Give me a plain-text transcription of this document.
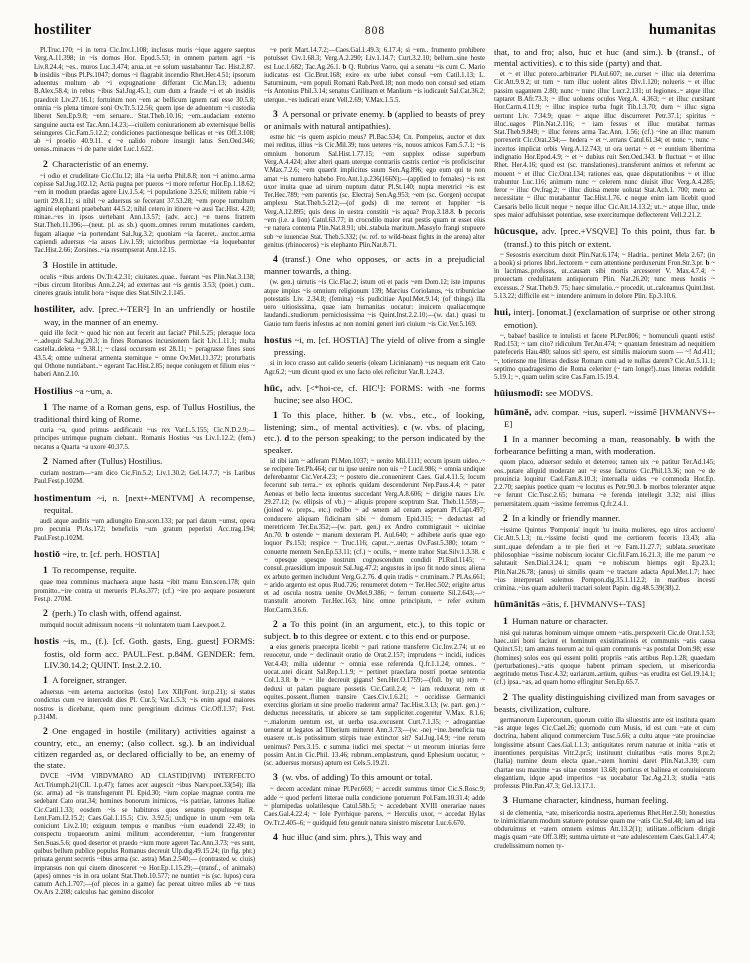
hostiliter	808	humanitas
Pl.Truc.170; ~i in terra Cic.Inv.1.108; inclusus muris ~ique aggere saeptus Verg.A.11.398; in ~is domos Hor. Epod.5.53; in omnem partem agri ~is Liv.8.24.4; ~es.. muros Luc.3.474; arua..ut ~e solum uastabantur Tac. Hist.2.87. b insidiis ~ibus Pl.Ps.1047; domus ~i flagrabit incendio Rhet.Her.4.51; ipsorum aduentus multum ab ~i expugnatione differant Cic.Man.13; aduentu B.Alex.58.4; in rebus ~ibus Sal.Jug.45.1; cum dum a fraude ~i et ab insidiis praedixit Liv.27.16.1; fortuitum non ~em ac bellicum ignem rati esse 30.5.8; omnia ~is plena timore soni Ov.Tr.5.12.56; quem ipse de aduentum ~i custodia liberet Sen.Ep.9.8; ~em seruare.. Stat.Theb.10.16; ~em..audaciam externo sanguine aucta est Tac.Ann.14.23;—ciuilem coniurationem ab externisque bellis seiungeres Cic.Fam.5.12.2; condiciones pactionesque bellicas et ~es Off.3.108; ab ~i proelio 40.9.11. c ~e ualido robore insurgit latus Sen.Oed.346; uenas..minaces ~i de parte uidet Luc.1.622.
2 Characteristic of an enemy.
~i odio et crudelitate Cic.Clu.12; illa ~ia uerba Phil.8.8; non ~i animo..arma cepisse Sal.Jug.102.12; Actia pugna per pueros ~i more refertur Hor.Ep.1.18.62; ~em in modum praedas agere Liv.1.5.4; ~i populatione 3.25.6; militem rabie ~i uertit 29.8.11; si nihil ~e aduersus se fecerant 37.53.28; ~em prope tumultum agmini elephanti praebebant 44.5.2; nihil cetero in itinere ~e ausi Tac.Hist. 4.20; minae..~es in ipsos uertebant Ann.13.57; (adv. acc.) ~e tuens fratrem Stat.Theb.11.396;—(neut. pl. as sb.) quom..omnes rerum mutationes caedem, fugam aliaque ~ia portendant Sal.Jug.3.2; quoniam ~ia faceret.. auctor..arma capiendi aduersus ~ia ausos Liv.1.59; uictoribus permixtae ~ia loquebantur Tac.Hist.2.66; Zorsines..~ia resumpserat Ann.12.15.
3 Hostile in attitude.
oculis ~ibus ardens Ov.Tr.4.2.31; ciuitates..quae.. fuerant ~es Plin.Nat.3.138; ~ibus circum litoribus Ann.2.24; ad externas aut ~is gentis 3.53; (poet.) cum.. cineres grauis intulit hora ~isque dies Stat.Silv.2.1.145.
hostiliter, adv. [prec.+-TER²] In an unfriendly or hostile way, in the manner of an enemy.
quid ille fecit ~ quod hic non aut fecerit aut faciat? Phil.5.25; pleraque loca ~..adequit Sal.Jug.20.3; in fines Romanos incursionem facit Liv.1.11.1; multa castella..deleta ~ 9.38.1; ~ classi occursum est 28.11; ~ peragrasse fines suos 43.5.4; omne uulnerat armenta sternitque ~ omne Ov.Met.11.372; proturbatis qui Othone nuntiabant..~ egerant Tac.Hist.2.85; neque coniugem et filium eius ~ haberi Ann.2.10.
Hostilius ~a ~um, a.
1 The name of a Roman gens, esp. of Tullus Hostilius, the traditional third king of Rome.
curia ~a, quod primus aedificauit ~us rex Var.L.5.155; Cic.N.D.2.9;—principes utrimque pugnam ciebant.. Romanis Hostius ~us Liv.1.12.2; (fem.) necatus a Quarta ~a uxore 40.37.5.
2 Named after (Tullus) Hostilius.
curiam nostram—~am dico Cic.Fin.5.2; Liv.1.30.2; Gel.14.7.7; ~is Laribus Paul.Fest.p.102M.
hostimentum ~i, n. [next+-MENTVM] A recompense, requital.
audi atque auditis ~um adiungito Enn.scen.133; par pari datum ~umst, opera pro pecunia Pl.As.172; beneficiis ~um gratum peperisti Acc.trag.194; Paul.Fest.p.102M.
hostiō ~ire, tr. [cf. perh. HOSTIA]
1 To recompense, requite.
quae mea comminus machaera atque hasta ~ibit manu Enn.scen.178; quin promitto..~ire contra ut merueris Pl.As.377; (cf.) ~ire pro aequare posuerunt Fest.p. 270M.
2 (perh.) To clash with, offend against.
numquid nocuit admissum nocens ~it uoluntatem tuam Laev.poet.2.
hostis ~is, m., (f.). [cf. Goth. gasts, Eng. guest] FORMS: fostis, old form acc. PAUL.Fest. p.84M. GENDER: fem. LIV.30.14.2; QUINT. Inst.2.2.10.
1 A foreigner, stranger.
aduersus ~em aeterna auctoritas ⟨esto⟩ Lex XII(Font. iur.p.21); si status condictus cum ~e intercedit dies Pl. Cur.5; Var.L.5.3; ~is enim apud maiores nostros is dicebatur, quem nunc peregrinum dicimus Cic.Off.1.37; Fest. p.314M.
2 One engaged in hostile (military) activities against a country, etc., an enemy; (also collect. sg.). b an individual citizen regarded as, or declared officially to be, an enemy of the state.
DVCE ~IVM VIRDVMARO AD CLASTID⟨IVM⟩ INTERFECTO Act.Triumph.21(CIL 1.p.47); fames acer augescit ~ibus Naev.poet.33(54); illa (sc. arma) ad ~is transfugerunt Pl. Epid.30; ~ium copiae magnae contra me sedebant Cato orat.34; homines bonorum inimicos, ~is patriae, latrones Italiae Cic.Catil.1.33; eosdem ~is se habituros quos senatus populusque R. Lent.Fam.12.15.2; Caes.Gal.1.15.5; Civ. 3.92.5; undique in unum ~em tela coniciunt Liv.2.10; exiguum tempus e manibus ~ium euadendi 22.49; in conspectu tropaeorum animi militum accenderentur, ~ium frangerentur Sen.Suas.5.6; quod desertor et praedo ~ium more ageret Tac.Ann.3.73; ~es sunt, quibus bellum publice populus Romanus decreuit Ulp.dig.49.15.24; (in fig. phr.) priuata gerunt secretis ~ibus arma (sc. astra) Man.2.540;— (contrasted w. ciuis) impransus non qui ciuem dinosceret ~e Hor.Ep.1.15.29;—(transf., of animals) (apes) omnes ~is in ora uolant Stat.Theb.10.577; ne nuntiet ~is (sc. lupos) cura canum Ach.1.707;—(of pieces in a game) fac pereat uitreo miles ab ~e tuus Ov.Ars 2.208; calculus hac gemino discolor
~e perit Mart.14.7.2;—Caes.Gal.1.49.3; 6.17.4; si ~em.. frumento prohibere potuisset Civ.1.68.3; Verg.A.2.290; Liv.1.14.7; Curt.3.2.10; bellum..sine hoste est Luc.1.682; Tac.Ag.26.1. b Q. Rubrius Varro, qui a senatu ~is cum C. Mario iudicatus est Cic.Brut.168; exire ex urbe iubet consul ~em Catil.1.13; L. Saturninum, ~em populi Romani Rab.Perd.18; non modo non consul sed etiam ~is Antonius Phil.3.14; senatus Catilinam et Manlium ~is iudicauit Sal.Cat.36.2; uterque..~es iudicati erant Vell.2.69; V.Max.1.5.5.
3 A personal or private enemy. b (applied to beasts of prey or animals with natural antipathies).
estne hic ~is quem aspicio meus? Pl.Bac.534; Cn. Pompeius, auctor et dux mei reditus, illius ~is Cic.Mil.39; tuos ueteres ~is, nouos amicos Fam.5.7.1; ~is omnium bonorum Sal.Hist.1.77.15; ~em supplex odisse superbum Verg.A.4.424; alter alteri quam uterque contrariis castris certior ~is proficiscitur V.Max.7.2.6; ~em quaerit implicitus suum Sen.Ag.896; ego eum qui te non amat ~is numero habebo Fro.Ant.1.p.236(166N);—(applied to females) ~is est uxor inuita quae ad uirum nuptum datur Pl.St.140; nupta meretrici ~is est Ter.Hec.789; ~em parentis (sc. Electra) Sen.Ag.953; ~em (sc. Gorgen) occupat amplexu Stat.Theb.5.212;—(of gods) di me terrent et Iuppiter ~is Verg.A.12.895; quis deus in uestra constitit ~is aqua? Prop.3.18.8. b pecoris ~em (i.e. a lion) Catul.63.77; in crocodilo maior erat pestis quam ut esset eius ~e natura contenta Plin.Nat.8.91; ubi..stabula maritum..Massylo frangi stupuere sub ~e iuuencae Stat. Theb.5.332; (w. ref. to wild-beast fights in the arena) alter genitus (rhinoceros) ~is elephanto Plin.Nat.8.71.
4 (transf.) One who opposes, or acts in a prejudicial manner towards, a thing.
(w. gen.) uirtutis ~is Cic.Flac.2; istum oti et pacis ~em Dom.12; iste impurus atque impius ~is omnium religionum 139; Marcius Coriolanus, ~is tribuniciae potestatis Liv. 2.34.8; (femina) ~is pudicitiae Apul.Met.9.14; (of things) illa uero uitiosissima, quae iam humanitas uocatur: inuicem qualiacumque laudandi..studiorum perniciosissima ~is Quint.Inst.2.2.10;—(w. dat.) quasi tu Gauio tum fueris infestus ac non nomini generi iuri ciuium ~is Cic.Ver.5.169.
hostus ~i, m. [cf. HOSTIA] The yield of olive from a single pressing.
si in loco crasso aut calido seueris (oleam Licinianam) ~us nequam erit Cato Agr.6.2; ~um dicunt quod ex uno facto olei reficitur Var.R.1.24.3.
hūc, adv. [<*hoi-ce, cf. HIC¹]: FORMS: with -ne forms hucine; see also HOC.
1 To this place, hither. b (w. vbs., etc., of looking, listening; sim., of mental activities). c (w. vbs. of placing, etc.). d to the person speaking; to the person indicated by the speaker.
id tibi iam ~ adferam Pl.Men.1037; ~ uenito Mil.1111; eccum ipsum uideo..~ se recipere Ter.Ph.464; cur tu ipse uenire non uis ~? Lucil.986; ~ omnia undique deferebantur Cic.Ver.4.23; ~ postero die..conuenirent Caes. Gal.4.11.5; locum fecerunt sub terra..~ ex ephoris quidam descenderunt Nep.Paus.4.4; ~ pater Aeneas et bello lecta iuuentus succedant Verg.A.8.606; ~ dirigite naues Liv. 29.27.12; (w. ellipsis of vb.) ~ aliquis propere sceptrum Stat. Theb.11.559;—(joined w. preps., etc.) redibo ~ ad senem ad cenam asperam Pl.Capt.497; conducere aliquam fidicinam sibi ~ domum Epid.315; ~ deductast ad meretricem Ter.Eu.352;—(w. part. gen.) ex Andro commigrauit ~ uiciniae An.70. b ostende ~ manum dexteram Pl. Aul.640; ~ adhibete auris quae ego loquor Ps.153; respice ~ Truc.116; caput..~..uertas Ov.Fast.5.380; totam ~ conuerte mentem Sen.Ep.53.11; (cf.) ~ oculis, ~ mente trahor Stat.Silv.1.3.38. c ~ opesque spesque nostrum cognoscendum condidi Pl.Rud.1145; ~ consul..praesidium imposuit Sal.Jug.47.2; angustus in ipso fit nodo sinus; aliena ex arbuto germen includunt Verg.G.2.76. d quin tradis ~ cruminam..? Pl.As.661; ~ arido argento est opus Rud.726; renumeret dotem ~ Ter.Hec.502; erigite artus et ad oscula nostra uenite Ov.Met.9.386; ~ ferrum conuerte Sil.2.643;—~ transtulit amorem Ter.Hec.163; hinc omne principium, ~ refer exitum Hor.Carm.3.6.6.
2  a To this point (in an argument, etc.), to this topic or subject. b to this degree or extent. c to this end or purpose.
a eius generis praecepta licebit ~ pari ratione transferre Cic.Inv.2.74; ut eo reuocetur, unde ~ declinauit oratio de Orat.2.157; imprudens ~ incidi, iudices Ver.4.43; milia uidentur ~ omnia esse referenda Q.fr.1.1.24; omnes.. ~ uocat..utei dicant Sal.Rep.1.1.9; ~ pertinet praeclara nostri poetae sententia Col.1.3.8. b ~ ~ ille decreuit gigans! Sen.Her.O.1759;—(foll. by ut) rem ~ deduxi ut palam pugnare possetis Cic.Catil.2.4; ~ iam reduxerat rem ut equites..possent..flumen transire Caes.Civ.1.6.21; ~ occidisse Germanici exercitus gloriam ut sine proelio traderent arma? Tac.Hist.3.13; (w. part. gen.) ~ deductus necessitatis, ut abicere se tam suppliciter..cogeretur V.Max. 8.1.6; ~..malorum uentum est, ut uerba usa..excusent Curt.7.1.35; ~ adrogantiae uenerat ut legatos ad Tiberium mitteret Ann.3.73;—(w. -ne) ~ine..beneficia tua euasere ut..is potissimum stirpis tuae extinctor sit? Sal.Jug.14.9; ~ine rerum uenimus? Pers.3.15. c summa iudici mei spectat ~ ut meorum iniurias ferre possim Ant.in Cic.Phil. 13.46; rubrum..emplastrum, quod Ephesium uocatur, ~ (sc. aduersus morsus) aptum est Cels.5.19.21.
3 (w. vbs. of adding) To this amount or total.
~ decem accedant minae Pl.Per.669; ~ accedit summus timor Cic.S.Rosc.9; adde ~ quod perferri litterae nulla condicione potuerunt Pol.Fam.10.31.4; adde ~ plumipedas uolatilesque Catul.58b.5; ~ accedebant XVIII onerariae naues Caes.Gal.4.22.4; ~ Iole Pyrrhique parens, ~ Herculis uxor, ~ accedat Hylas Ov.Tr.2.405–6; ~ quidquid fetu genuit natura sinistro miscetur Luc.6.670.
4 huc illuc (and sim. phrs.), This way and
that, to and fro; also, huc et huc (and sim.). b (transf., of mental activities). c to this side (party) and that.
et ~ et illuc potero..arbitrarier Pl.Aul.607; ne..curset ~ illuc uia deterrima Cic.Att.9.9.2; ut tum ~ tum illuc uolent alites Div.1.120; nolueris ~ et illuc passim uagantem 2.80; nunc ~ nunc illuc Lucr.2.131; ut legiones..~ atque illuc raptaret B.Afr.73.3; ~ illuc uoluens oculos Verg.A. 4.363; ~ et illuc cursitant Hor.Carm.4.11.9; ~ illuc inspice turba fugit Tib.1.3.70; dum ~ illuc signa uertunt Liv. 7.34.9; quae ~ atque illuc discurreret Petr.37.1; spiritus ~ illuc..uagos Plin.Nat.2.116; ~ iam fessus et illuc mutabat turmas Stat.Theb.9.849; ~ illuc ferens arma Tac.Ann. 1.56; (cf.) ~ine an illuc manum porrexerit Cic.Orat.234;— hedera ~ et ~..errans Catul.61.34; et nunc ~, nunc ~ incertos implicat orbis Verg.A.12.743; ut ora uertat ~ et ~ euntium liberrima indignatio Hor.Epod.4.9; ~ et ~ dubius ruit Sen.Oed.343. b fluctuat ~ et illuc Rhet. Her.4.16; quod est (sc. translationes)..transferunt animos et referunt ac mouent ~ et illuc Cic.Orat.134; rationes eas, quae disputationibus ~ et illuc trahuntur Luc.116; animum nunc ~ celerem nunc diuisit illuc Verg.A.4.285; feror ~ illuc Ov.frag.2; ~ illuc diuisa mente uolutat Stat.Ach.1. 700; metu ac necessitate ~ illuc mutabantur Tac.Hist.1.76. c neque enim iam licebit quod Caesaris bello licuit neque ~ neque illuc Cic.Att.14.13.2; ut..~ atque illuc, unde spes maior adfulsisset potentiae, sese exercitumque deflecterent Vell.2.21.2.
hūcusque, adv. [prec.+VSQVE] To this point, thus far. b (transf.) to this pitch or extent.
~ Sesostris exercitum duxit Plin.Nat.6.174; ~ Hadria.. pertinet Mela 2.67; (in a book) si priores libri..lectorem ~ cum attentione perduxerunt Fron.Str.3.pr. b ~ in lacrimas..profusus, ut..causam sibi mortis arcesseret V. Max.4.7.4; ~ prouectam credulitatem antiquorum Plin. Nat.26.20; tunc meus hostis ~ excessus..? Stat.Theb.9. 75; haec simulatio..~ procedit, ut..calceamus Quint.Inst. 5.13.22; difficile est ~ intendere animum in dolore Plin. Ep.3.10.6.
hui, interj. [onomat.] (exclamation of surprise or other strong emotion).
~, babae! basilice te intulisti et facete Pl.Per.806; ~ homunculi quanti estis! Rud.153; ~ tam cito? ridiculum Ter.An.474; ~ quantam fenestram ad nequitiem patefeceris Hau.480; saluos sit! spero, est similis maiorum suom — ~! Ad.411; ~, totiensne me litteras dedisse Romam cum ad te nullas darem? Cic.Att.5.11.1; septimo quadragesimo die Roma celeriter (~ tam longe!)..tuas litteras reddidit 5.19.1; ~, quam uelim scire Cas.Fam.15.19.4.
hūiusmodī: see MODVS.
hūmānē, adv. compar. ~ius, superl. ~issimē [HVMANVS+-E]
1 In a manner becoming a man, reasonably. b with the forbearance befitting a man, with moderation.
quom placo, aduersor sedulo et deterreo; tamen uix ~e patitur Ter.Ad.145; eos..putare aliquid moderate aut ~e esse facturos Cic.Phil.13.36; non ~e de prouincia loquitur Cael.Fam.8.10.3; interualla uides ~e commoda Hor.Ep. 2.2.70; saepius poetice quam ~e locutus es Petr.90.3. b morbos toleranter atque ~e ferunt Cic.Tusc.2.65; humana ~e ferenda intellegit 3.32; nisi illius peruersitatem..quam ~issime ferremus Q.fr.2.4.1.
2 In a kindly or friendly manner.
~issime Quintus 'Pomponia' inquit 'tu inuita mulieres, ego uiros acciuero' Cic.Att.5.1.3; tu..~issime fecisti quod me certiorem feceris 13.43; alia sunt..quae defendam a te pie fieri et ~e Fam.11.27.7; sublata..seueritate philosophiae ~issime nobiscum iocatur Cic.fil.Fam.16.21.3; ille me parum ~e salutauit Sen.Dial.3.24.1; quam ~e nobiscum hiemps egit Ep.23.1; Plin.Nat.26.78; (anus) ui similis quam ~e tractare adacta Apul.Met.1.7; haec ~ius interpretari solemus Pompon.dig.35.1.112.2; in maribus incesti crimina..~ius quam adulterii tractari solent Papin. dig.48.5.39(38).2.
hūmānitās ~ātis, f. [HVMANVS+-TAS]
1 Human nature or character.
nisi qui naturas hominum uimque omnem ~atis..perspexerit Cic.de Orat.1.53; haec..uiri boni faciunt et hominum existimationis et communis ~atis causa Quinct.51; tam amans tuorum ac tui quam communis ~as postulat Dom.98; esse (homines) solos eos qui essent politi propriis ~atis artibus Rep.1.28; quaedam (perturbationes)..~atis quoque habent primam speciem, ut misericordia aegritudo metus Tusc.4.32; uariarum..artium, quibus ~as erudita est Gel.19.14.1; (cf.) ipsa..~as, ad quam homo effingitur Sen.Ep.65.7.
2 The quality distinguishing civilized man from savages or beasts, civilization, culture.
germanorum Lupercorum, quorum coitio illa siluestris ante est instituta quam ~as atque leges Cic.Cael.26; quomodo cum Musis, id est cum ~ate et cum doctrina, habent aliquod commercium Tusc.5.66; a cultu atque ~ate prouinciae longissime absunt Caes.Gal.1.1.3; antiquitates rerum naturae et initia ~atis et inuentiones perquisitas Vitr.2.pr.5; instituunt ciuitatibus ~atis mores 9.pr.2; (Italia) numine deum electa quae..~atem homini daret Plin.Nat.3.39; cum chartae usu maxime ~as uitae constet 13.68; porticus et balinea et conuiuiorum elegantiam, idque apud imperitos ~as uocabatur Tac.Ag.21.3; studia ~atis professus Plin.Pan.47.3; Gel.13.17.1.
3 Humane character, kindness, human feeling.
si de clementia, ~ate, misericordia nostra..aperiemus Rhet.Her.2.50; honestius te inimicitiarum modum statuere potuisse quam me ~atis Cic.Sul.48; iam ad ista obduruimus et ~atem omnem eximus Att.13.2(1); utilitate..officium dirigit magis quam ~ate Off.3.89; summa uirtute et ~ate adulescentem Caes.Gal.1.47.4; crudelissimum nomen ty-
